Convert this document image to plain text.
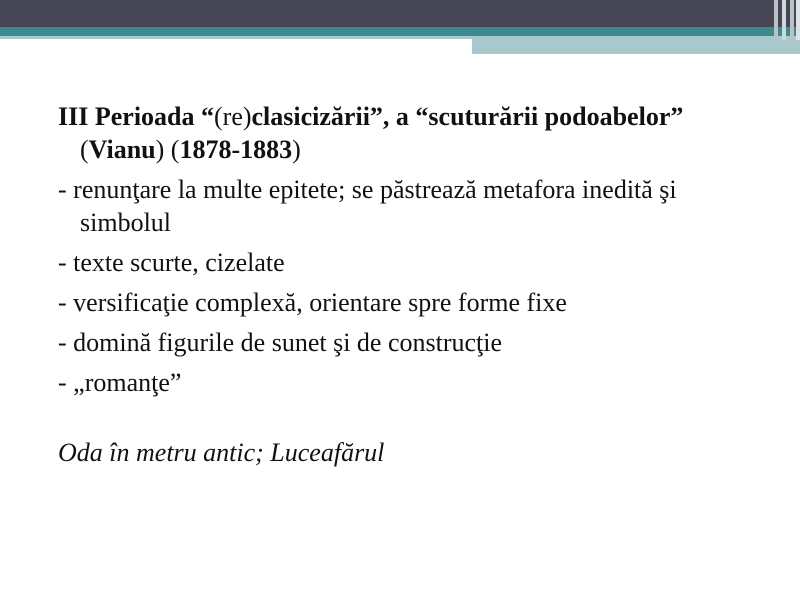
III Perioada “(re)clasicizării”, a “scuturării podoabelor” (Vianu) (1878-1883)

- renunţare la multe epitete; se păstrează metafora inedită şi simbolul

- texte scurte, cizelate

- versificaţie complexă, orientare spre forme fixe

- domină figurile de sunet şi de construcţie

- „romanţe”

Oda în metru antic; Luceafărul
